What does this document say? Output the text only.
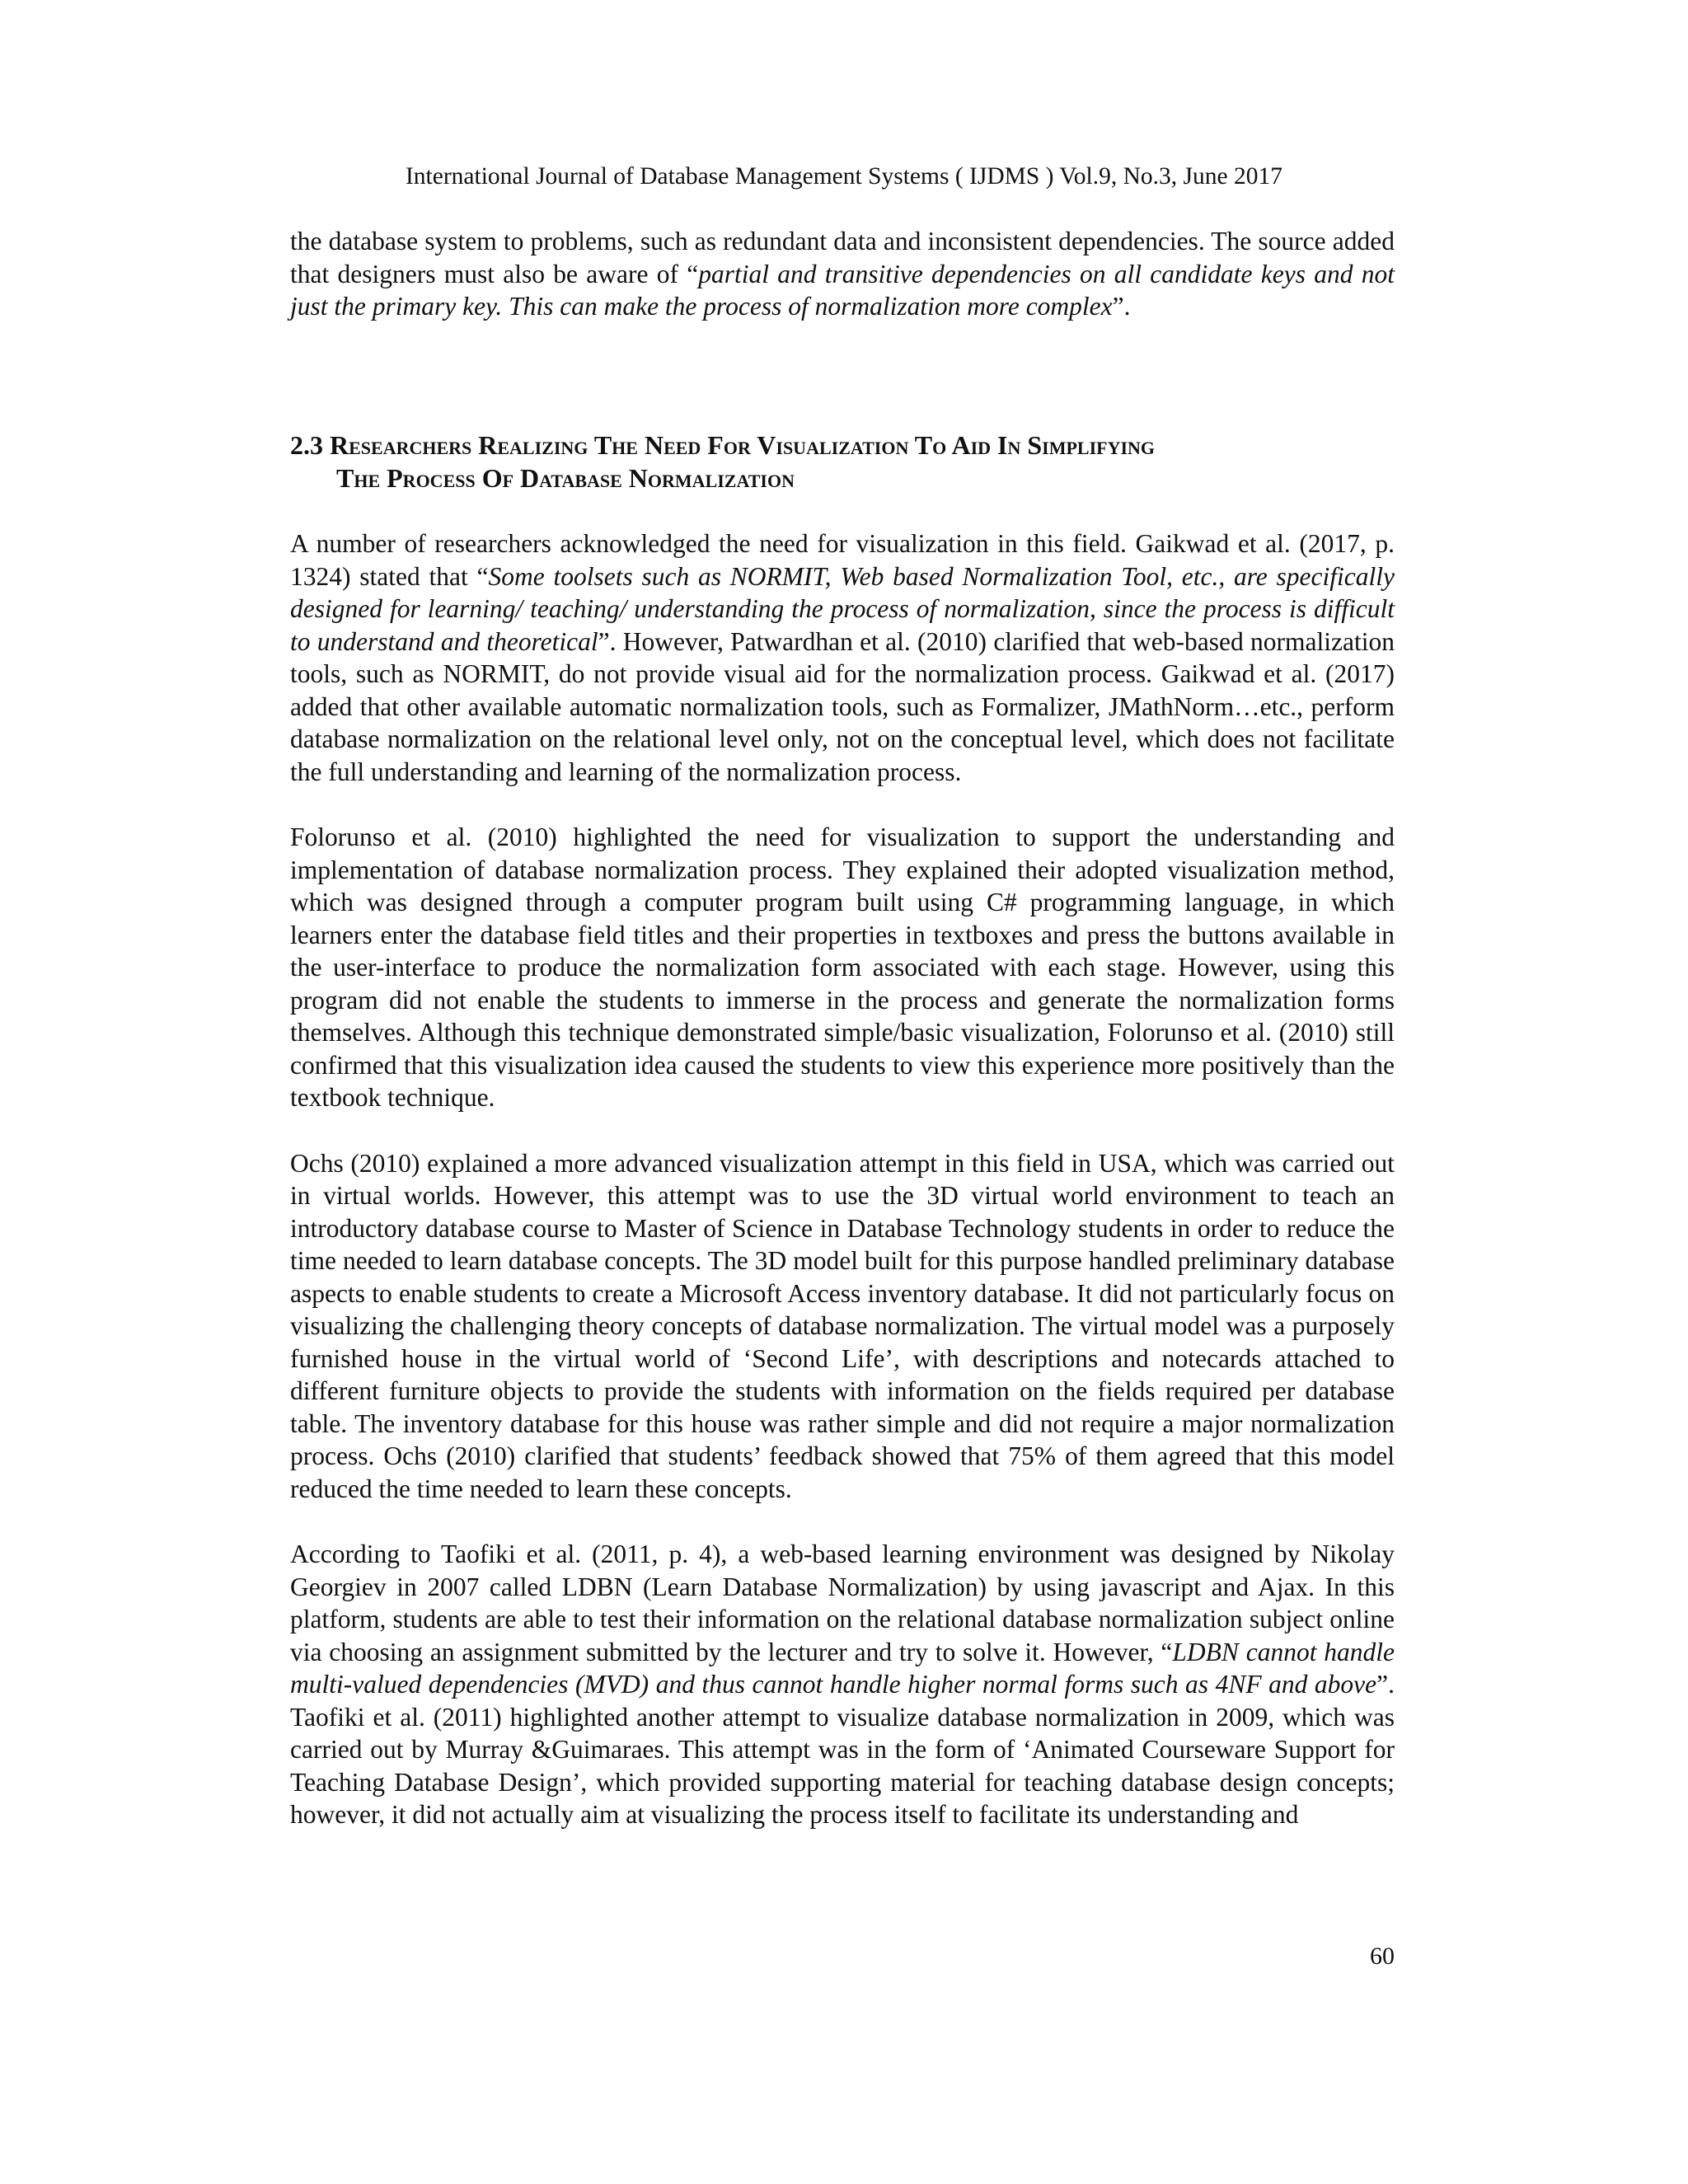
International Journal of Database Management Systems ( IJDMS ) Vol.9, No.3, June 2017

the database system to problems, such as redundant data and inconsistent dependencies. The source added that designers must also be aware of “partial and transitive dependencies on all candidate keys and not just the primary key. This can make the process of normalization more complex”.

2.3 Researchers Realizing The Need For Visualization To Aid In Simplifying
The Process Of Database Normalization

A number of researchers acknowledged the need for visualization in this field. Gaikwad et al. (2017, p. 1324) stated that “Some toolsets such as NORMIT, Web based Normalization Tool, etc., are specifically designed for learning/ teaching/ understanding the process of normalization, since the process is difficult to understand and theoretical”. However, Patwardhan et al. (2010) clarified that web-based normalization tools, such as NORMIT, do not provide visual aid for the normalization process. Gaikwad et al. (2017) added that other available automatic normalization tools, such as Formalizer, JMathNorm…etc., perform database normalization on the relational level only, not on the conceptual level, which does not facilitate the full understanding and learning of the normalization process.

Folorunso et al. (2010) highlighted the need for visualization to support the understanding and implementation of database normalization process. They explained their adopted visualization method, which was designed through a computer program built using C# programming language, in which learners enter the database field titles and their properties in textboxes and press the buttons available in the user-interface to produce the normalization form associated with each stage. However, using this program did not enable the students to immerse in the process and generate the normalization forms themselves. Although this technique demonstrated simple/basic visualization, Folorunso et al. (2010) still confirmed that this visualization idea caused the students to view this experience more positively than the textbook technique.

Ochs (2010) explained a more advanced visualization attempt in this field in USA, which was carried out in virtual worlds. However, this attempt was to use the 3D virtual world environment to teach an introductory database course to Master of Science in Database Technology students in order to reduce the time needed to learn database concepts. The 3D model built for this purpose handled preliminary database aspects to enable students to create a Microsoft Access inventory database. It did not particularly focus on visualizing the challenging theory concepts of database normalization. The virtual model was a purposely furnished house in the virtual world of ‘Second Life’, with descriptions and notecards attached to different furniture objects to provide the students with information on the fields required per database table. The inventory database for this house was rather simple and did not require a major normalization process. Ochs (2010) clarified that students’ feedback showed that 75% of them agreed that this model reduced the time needed to learn these concepts.

According to Taofiki et al. (2011, p. 4), a web-based learning environment was designed by Nikolay Georgiev in 2007 called LDBN (Learn Database Normalization) by using javascript and Ajax. In this platform, students are able to test their information on the relational database normalization subject online via choosing an assignment submitted by the lecturer and try to solve it. However, “LDBN cannot handle multi-valued dependencies (MVD) and thus cannot handle higher normal forms such as 4NF and above”. Taofiki et al. (2011) highlighted another attempt to visualize database normalization in 2009, which was carried out by Murray &Guimaraes. This attempt was in the form of ‘Animated Courseware Support for Teaching Database Design’, which provided supporting material for teaching database design concepts; however, it did not actually aim at visualizing the process itself to facilitate its understanding and

60
